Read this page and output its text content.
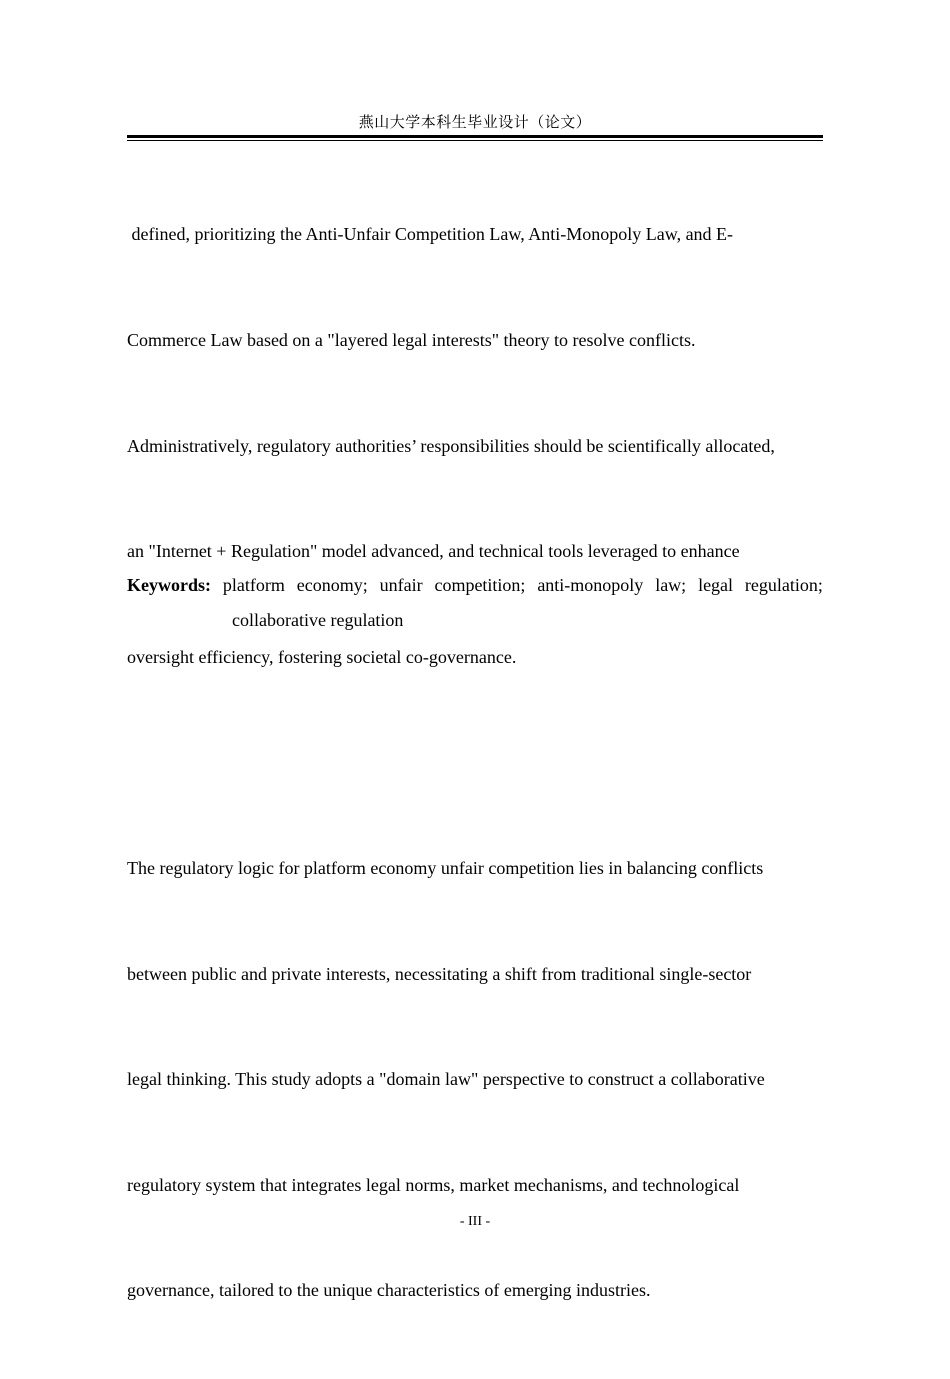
燕山大学本科生毕业设计（论文）

defined, prioritizing the Anti-Unfair Competition Law, Anti-Monopoly Law, and E-

Commerce Law based on a "layered legal interests" theory to resolve conflicts.

Administratively, regulatory authorities’ responsibilities should be scientifically allocated,

an "Internet + Regulation" model advanced, and technical tools leveraged to enhance

oversight efficiency, fostering societal co-governance.

The regulatory logic for platform economy unfair competition lies in balancing conflicts

between public and private interests, necessitating a shift from traditional single-sector

legal thinking. This study adopts a "domain law" perspective to construct a collaborative

regulatory system that integrates legal norms, market mechanisms, and technological

governance, tailored to the unique characteristics of emerging industries.

Keywords: platform economy; unfair competition; anti-monopoly law; legal regulation;
collaborative regulation
- III -
